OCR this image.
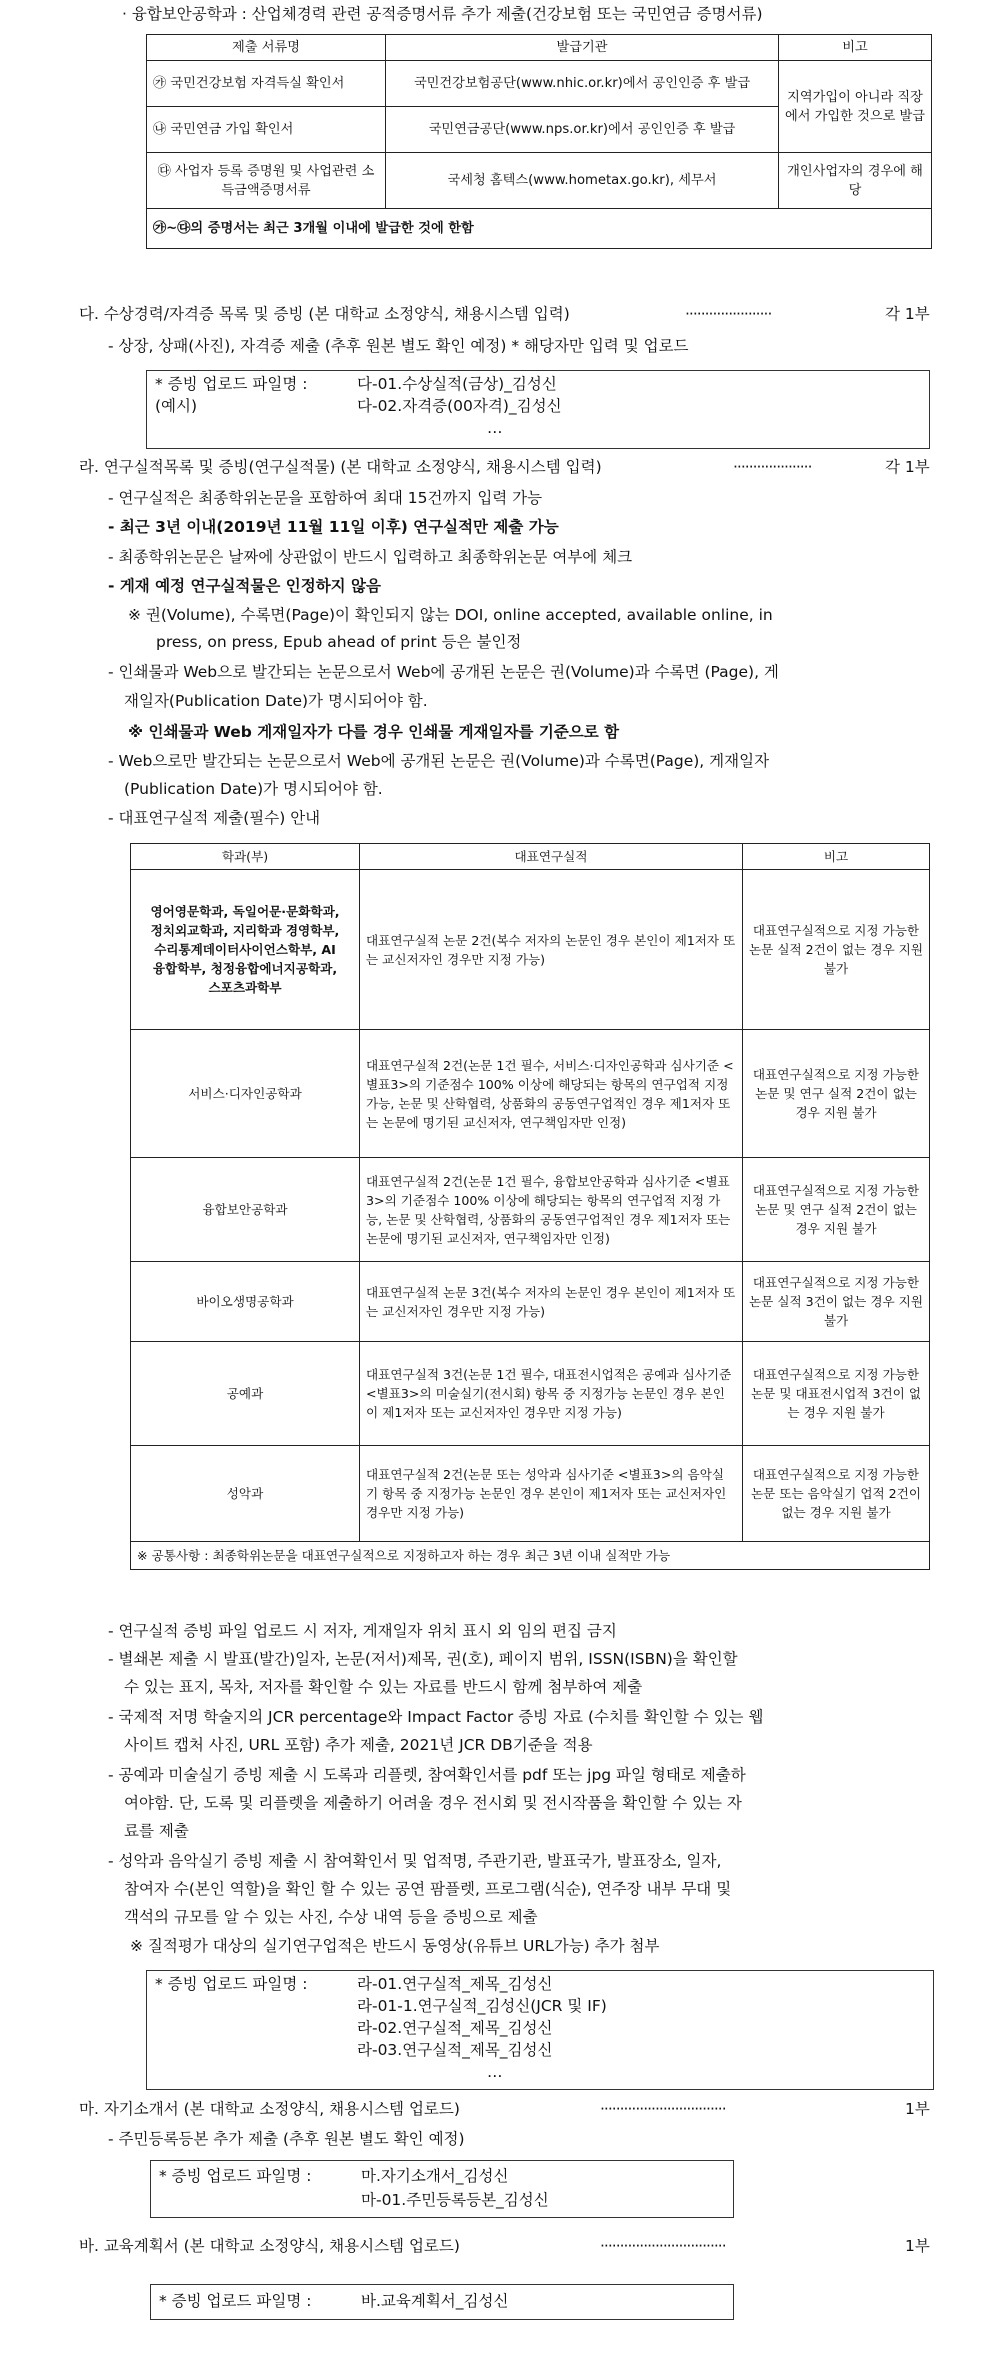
· 융합보안공학과 : 산업체경력 관련 공적증명서류 추가 제출(건강보험 또는 국민연금 증명서류)
제출 서류명	발급기관	비고
㉮ 국민건강보험 자격득실 확인서	국민건강보험공단(www.nhic.or.kr)에서 공인인증 후 발급	지역가입이 아니라 직장에서 가입한 것으로 발급
㉯ 국민연금 가입 확인서	국민연금공단(www.nps.or.kr)에서 공인인증 후 발급	
㉰ 사업자 등록 증명원 및 사업관련 소득금액증명서류	국세청 홈텍스(www.hometax.go.kr), 세무서	개인사업자의 경우에 해당
㉮~㉰의 증명서는 최근 3개월 이내에 발급한 것에 한함		
다. 수상경력/자격증 목록 및 증빙 (본 대학교 소정양식, 채용시스템 입력)	······················	각 1부
- 상장, 상패(사진), 자격증 제출 (추후 원본 별도 확인 예정) * 해당자만 입력 및 업로드
* 증빙 업로드 파일명 :
(예시)
다-01.수상실적(금상)_김성신
다-02.자격증(00자격)_김성신
…
라. 연구실적목록 및 증빙(연구실적물) (본 대학교 소정양식, 채용시스템 입력)	····················	각 1부
- 연구실적은 최종학위논문을 포함하여 최대 15건까지 입력 가능
- 최근 3년 이내(2019년 11월 11일 이후) 연구실적만 제출 가능
- 최종학위논문은 날짜에 상관없이 반드시 입력하고 최종학위논문 여부에 체크
- 게재 예정 연구실적물은 인정하지 않음
※ 권(Volume), 수록면(Page)이 확인되지 않는 DOI, online accepted, available online, in
press, on press, Epub ahead of print 등은 불인정
- 인쇄물과 Web으로 발간되는 논문으로서 Web에 공개된 논문은 권(Volume)과 수록면 (Page), 게
재일자(Publication Date)가 명시되어야 함.
※ 인쇄물과 Web 게재일자가 다를 경우 인쇄물 게재일자를 기준으로 함
- Web으로만 발간되는 논문으로서 Web에 공개된 논문은 권(Volume)과 수록면(Page), 게재일자
(Publication Date)가 명시되어야 함.
- 대표연구실적 제출(필수) 안내
학과(부)	대표연구실적	비고
영어영문학과, 독일어문·문화학과, 정치외교학과, 지리학과 경영학부, 수리통계데이터사이언스학부, AI융합학부, 청정융합에너지공학과, 스포츠과학부	대표연구실적 논문 2건(복수 저자의 논문인 경우 본인이 제1저자 또는 교신저자인 경우만 지정 가능)	대표연구실적으로 지정 가능한 논문 실적 2건이 없는 경우 지원 불가
서비스·디자인공학과	대표연구실적 2건(논문 1건 필수, 서비스·디자인공학과 심사기준 <별표3>의 기준점수 100% 이상에 해당되는 항목의 연구업적 지정 가능, 논문 및 산학협력, 상품화의 공동연구업적인 경우 제1저자 또는 논문에 명기된 교신저자, 연구책임자만 인정)	대표연구실적으로 지정 가능한 논문 및 연구 실적 2건이 없는 경우 지원 불가
융합보안공학과	대표연구실적 2건(논문 1건 필수, 융합보안공학과 심사기준 <별표3>의 기준점수 100% 이상에 해당되는 항목의 연구업적 지정 가능, 논문 및 산학협력, 상품화의 공동연구업적인 경우 제1저자 또는 논문에 명기된 교신저자, 연구책임자만 인정)	대표연구실적으로 지정 가능한 논문 및 연구 실적 2건이 없는 경우 지원 불가
바이오생명공학과	대표연구실적 논문 3건(복수 저자의 논문인 경우 본인이 제1저자 또는 교신저자인 경우만 지정 가능)	대표연구실적으로 지정 가능한 논문 실적 3건이 없는 경우 지원 불가
공예과	대표연구실적 3건(논문 1건 필수, 대표전시업적은 공예과 심사기준 <별표3>의 미술실기(전시회) 항목 중 지정가능 논문인 경우 본인이 제1저자 또는 교신저자인 경우만 지정 가능)	대표연구실적으로 지정 가능한 논문 및 대표전시업적 3건이 없는 경우 지원 불가
성악과	대표연구실적 2건(논문 또는 성악과 심사기준 <별표3>의 음악실기 항목 중 지정가능 논문인 경우 본인이 제1저자 또는 교신저자인 경우만 지정 가능)	대표연구실적으로 지정 가능한 논문 또는 음악실기 업적 2건이 없는 경우 지원 불가
※ 공통사항 : 최종학위논문을 대표연구실적으로 지정하고자 하는 경우 최근 3년 이내 실적만 가능		
- 연구실적 증빙 파일 업로드 시 저자, 게재일자 위치 표시 외 임의 편집 금지
- 별쇄본 제출 시 발표(발간)일자, 논문(저서)제목, 권(호), 페이지 범위, ISSN(ISBN)을 확인할
수 있는 표지, 목차, 저자를 확인할 수 있는 자료를 반드시 함께 첨부하여 제출
- 국제적 저명 학술지의 JCR percentage와 Impact Factor 증빙 자료 (수치를 확인할 수 있는 웹
사이트 캡처 사진, URL 포함) 추가 제출, 2021년 JCR DB기준을 적용
- 공예과 미술실기 증빙 제출 시 도록과 리플렛, 참여확인서를 pdf 또는 jpg 파일 형태로 제출하
여야함. 단, 도록 및 리플렛을 제출하기 어려울 경우 전시회 및 전시작품을 확인할 수 있는 자
료를 제출
- 성악과 음악실기 증빙 제출 시 참여확인서 및 업적명, 주관기관, 발표국가, 발표장소, 일자,
참여자 수(본인 역할)을 확인 할 수 있는 공연 팜플렛, 프로그램(식순), 연주장 내부 무대 및
객석의 규모를 알 수 있는 사진, 수상 내역 등을 증빙으로 제출
※ 질적평가 대상의 실기연구업적은 반드시 동영상(유튜브 URL가능) 추가 첨부
* 증빙 업로드 파일명 :	라-01.연구실적_제목_김성신
라-01-1.연구실적_김성신(JCR 및 IF)
라-02.연구실적_제목_김성신
라-03.연구실적_제목_김성신
…
마. 자기소개서 (본 대학교 소정양식, 채용시스템 업로드)	································	1부
- 주민등록등본 추가 제출 (추후 원본 별도 확인 예정)
* 증빙 업로드 파일명 :	마.자기소개서_김성신
마-01.주민등록등본_김성신
바. 교육계획서 (본 대학교 소정양식, 채용시스템 업로드)	································	1부
* 증빙 업로드 파일명 :	바.교육계획서_김성신
